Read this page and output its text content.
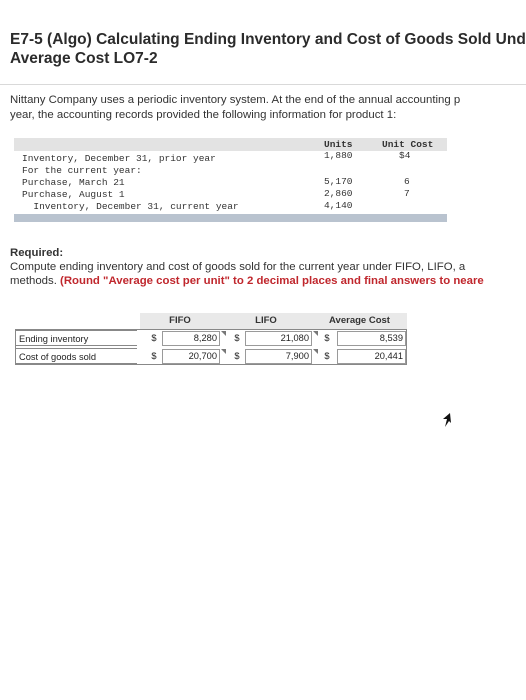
E7-5 (Algo) Calculating Ending Inventory and Cost of Goods Sold Und
Average Cost LO7-2
Nittany Company uses a periodic inventory system. At the end of the annual accounting p
year, the accounting records provided the following information for product 1:
Units	Unit Cost
Inventory, December 31, prior year	1,880	$4
For the current year:
Purchase, March 21	5,170	6
Purchase, August 1	2,860	7
Inventory, December 31, current year	4,140
Required:
Compute ending inventory and cost of goods sold for the current year under FIFO, LIFO, a
methods. (Round "Average cost per unit" to 2 decimal places and final answers to neare
FIFO	LIFO	Average Cost
Ending inventory	$	8,280	$	21,080	$	8,539
Cost of goods sold	$	20,700	$	7,900	$	20,441
